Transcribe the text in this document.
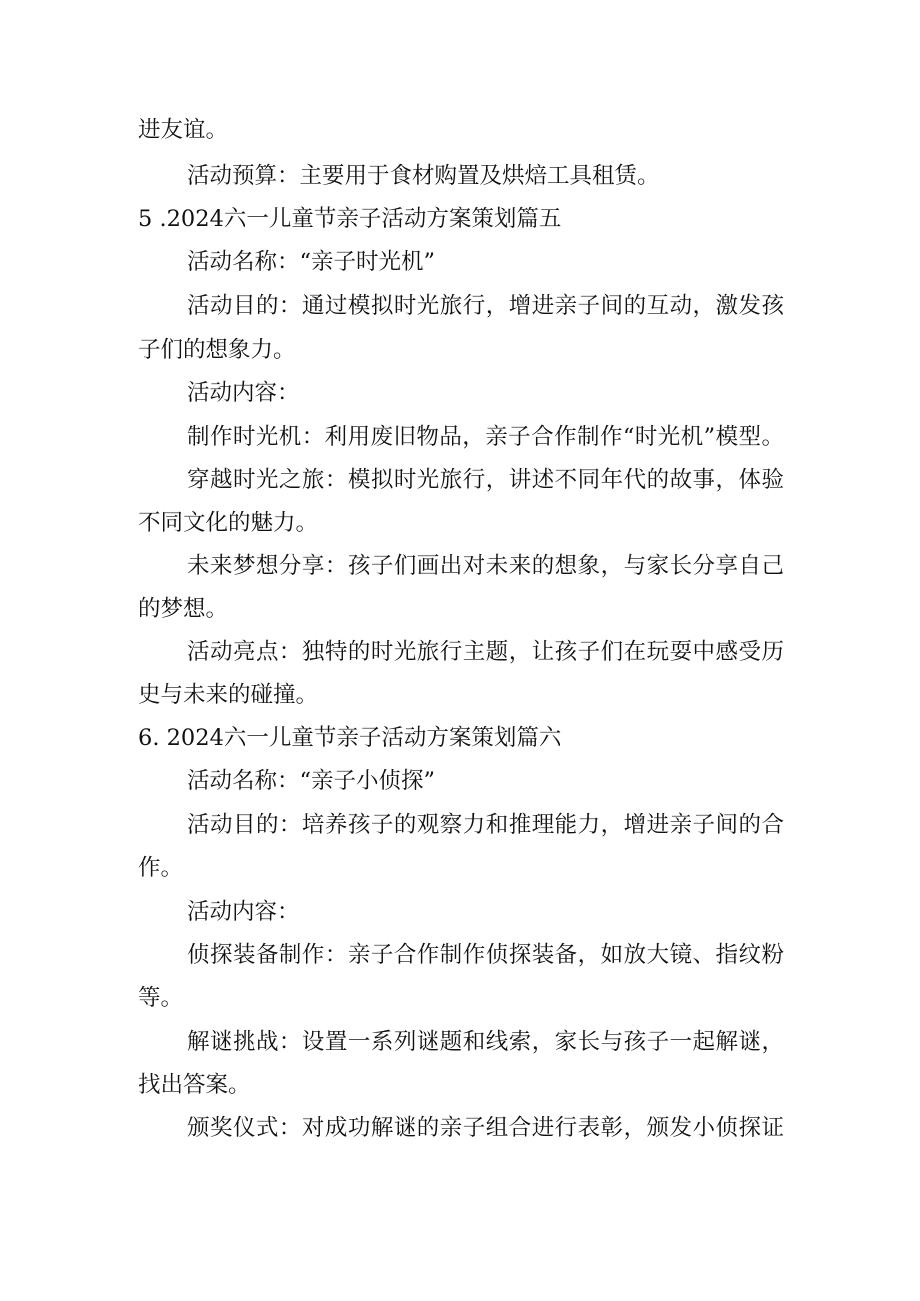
进友谊。
活动预算：主要用于食材购置及烘焙工具租赁。
5 .2024六一儿童节亲子活动方案策划篇五
活动名称：“亲子时光机”
活动目的：通过模拟时光旅行，增进亲子间的互动，激发孩
子们的想象力。
活动内容：
制作时光机：利用废旧物品，亲子合作制作“时光机”模型。
穿越时光之旅：模拟时光旅行，讲述不同年代的故事，体验
不同文化的魅力。
未来梦想分享：孩子们画出对未来的想象，与家长分享自己
的梦想。
活动亮点：独特的时光旅行主题，让孩子们在玩耍中感受历
史与未来的碰撞。
6. 2024六一儿童节亲子活动方案策划篇六
活动名称：“亲子小侦探”
活动目的：培养孩子的观察力和推理能力，增进亲子间的合
作。
活动内容：
侦探装备制作：亲子合作制作侦探装备，如放大镜、指纹粉
等。
解谜挑战：设置一系列谜题和线索，家长与孩子一起解谜，
找出答案。
颁奖仪式：对成功解谜的亲子组合进行表彰，颁发小侦探证
